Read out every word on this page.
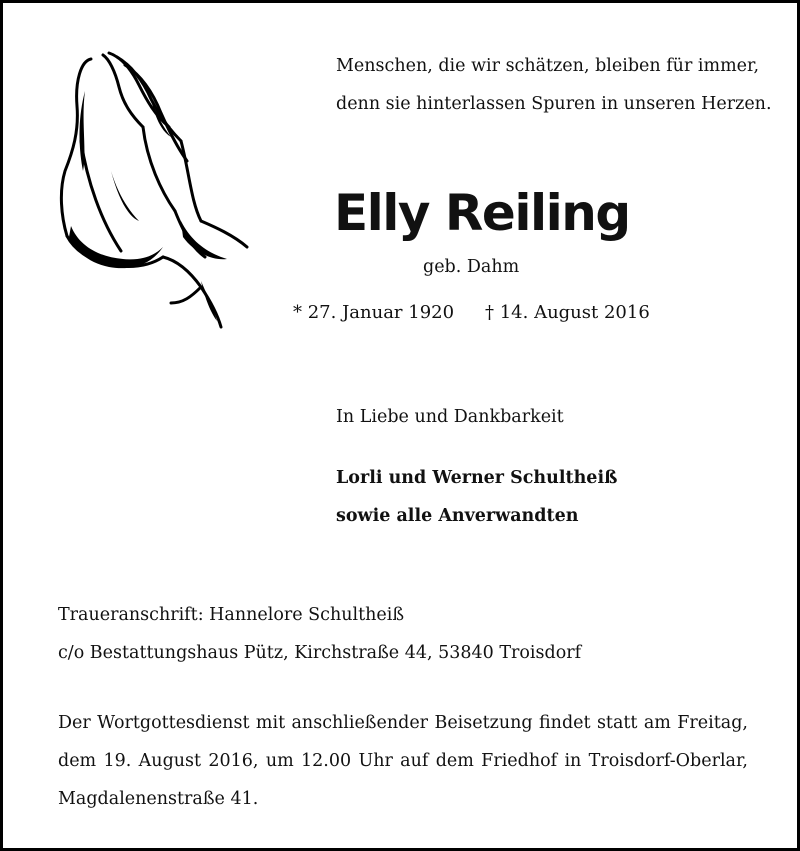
Menschen, die wir schätzen, bleiben für immer,

denn sie hinterlassen Spuren in unseren Herzen.

Elly Reiling
geb. Dahm
* 27. Januar 1920 † 14. August 2016
In Liebe und Dankbarkeit

Lorli und Werner Schultheiß

sowie alle Anverwandten

Traueranschrift: Hannelore Schultheiß

c/o Bestattungshaus Pütz, Kirchstraße 44, 53840 Troisdorf

Der Wortgottesdienst mit anschließender Beisetzung findet statt am Freitag, dem 19. August 2016, um 12.00 Uhr auf dem Friedhof in Troisdorf-Oberlar, Magdalenenstraße 41.
